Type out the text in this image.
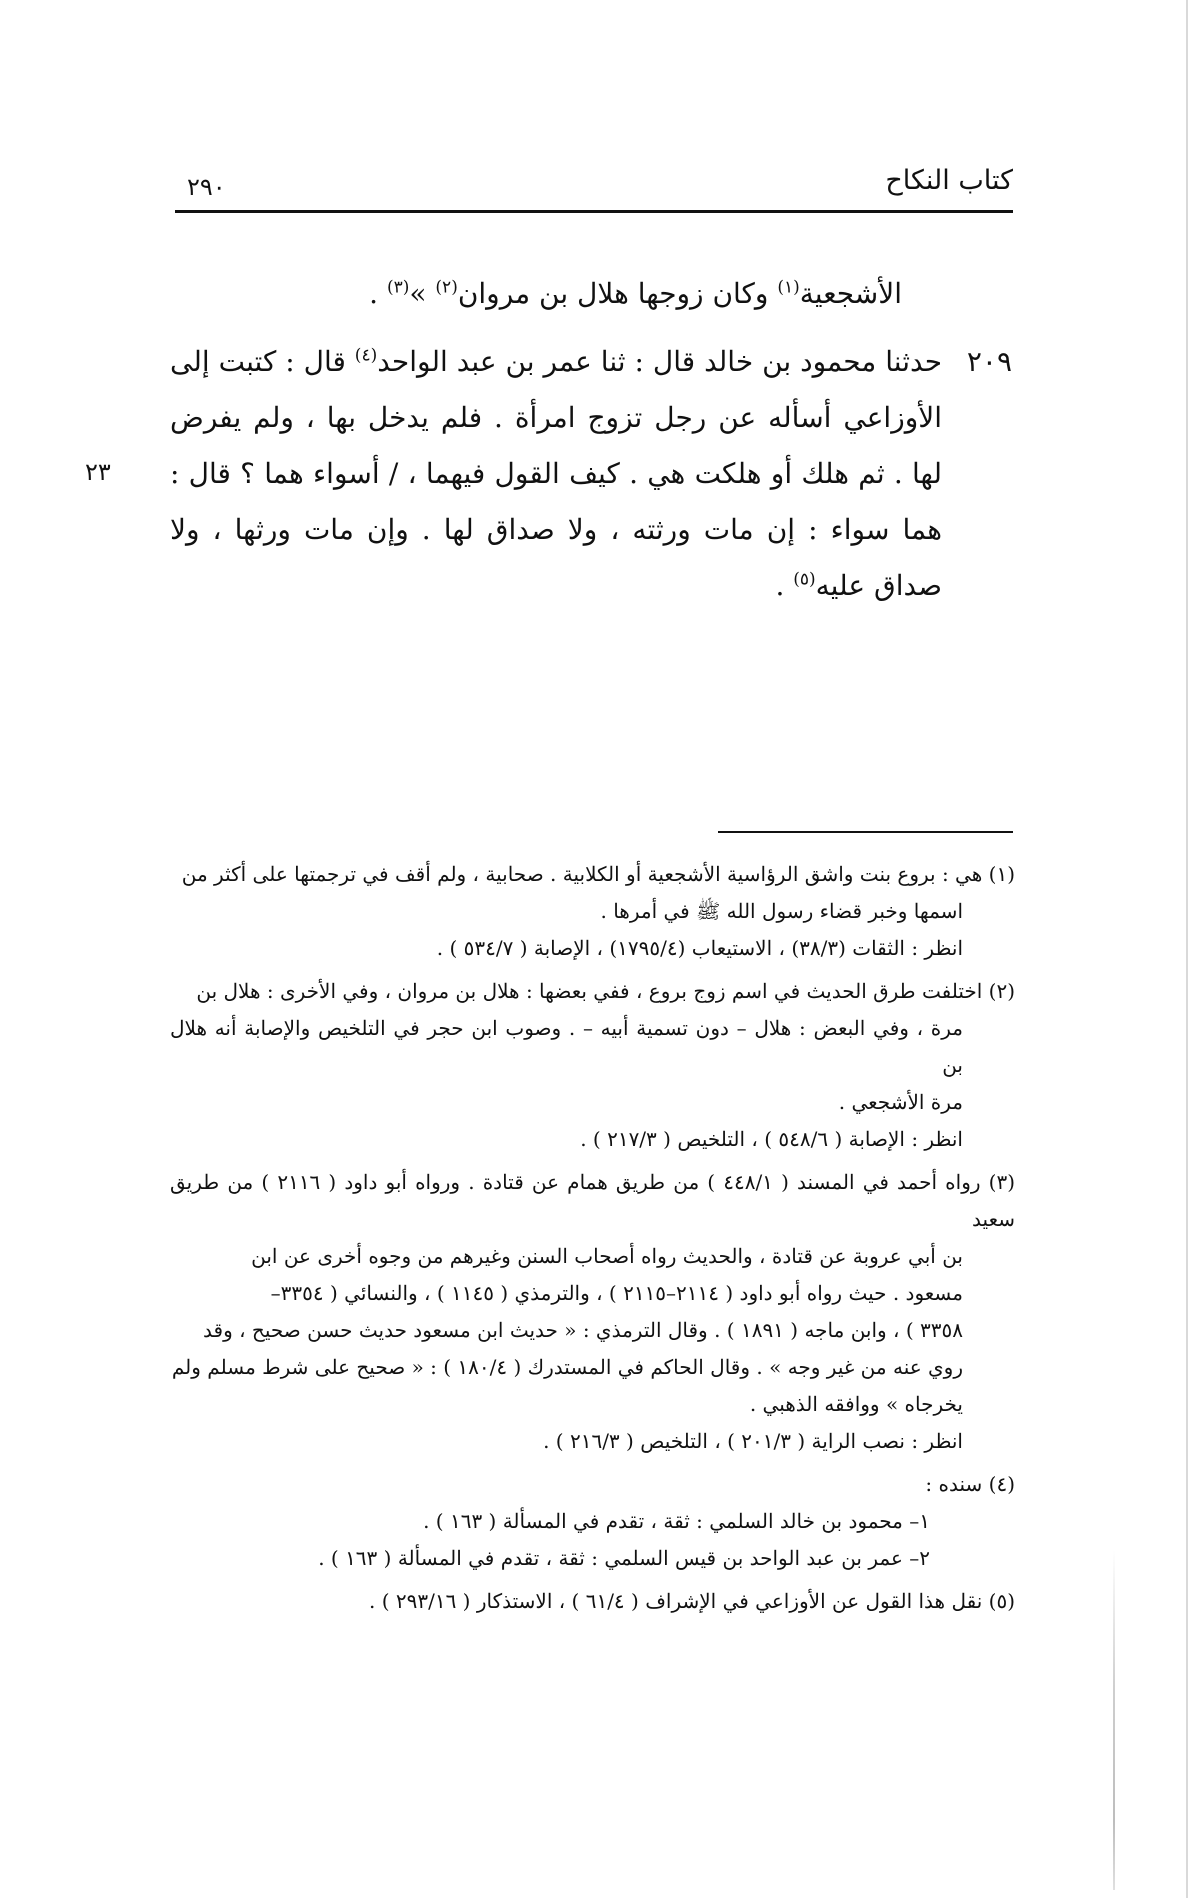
كتاب النكاح
٢٩٠

الأشجعية$^{(١)}$ وكان زوجها هلال بن مروان$^{(٢)}$ »$^{(٣)}$ .

٢٠٩
حدثنا محمود بن خالد قال : ثنا عمر بن عبد الواحد$^{(٤)}$ قال : كتبت إلى الأوزاعي أسأله عن رجل تزوج امرأة . فلم يدخل بها ، ولم يفرض لها . ثم هلك أو هلكت هي . كيف القول فيهما ، / أسواء هما ؟ قال : هما سواء : إن مات ورثته ، ولا صداق لها . وإن مات ورثها ، ولا صداق عليه$^{(٥)}$ .

٢٣
(١) هي : بروع بنت واشق الرؤاسية الأشجعية أو الكلابية . صحابية ، ولم أقف في ترجمتها على أكثر من
اسمها وخبر قضاء رسول الله ﷺ في أمرها .
انظر : الثقات (٣٨/٣) ، الاستيعاب (١٧٩٥/٤) ، الإصابة ( ٥٣٤/٧ ) .
(٢) اختلفت طرق الحديث في اسم زوج بروع ، ففي بعضها : هلال بن مروان ، وفي الأخرى : هلال بن
مرة ، وفي البعض : هلال – دون تسمية أبيه – . وصوب ابن حجر في التلخيص والإصابة أنه هلال بن
مرة الأشجعي .
انظر : الإصابة ( ٥٤٨/٦ ) ، التلخيص ( ٢١٧/٣ ) .
(٣) رواه أحمد في المسند ( ٤٤٨/١ ) من طريق همام عن قتادة . ورواه أبو داود ( ٢١١٦ ) من طريق سعيد
بن أبي عروبة عن قتادة ، والحديث رواه أصحاب السنن وغيرهم من وجوه أخرى عن ابن
مسعود . حيث رواه أبو داود ( ٢١١٤–٢١١٥ ) ، والترمذي ( ١١٤٥ ) ، والنسائي ( ٣٣٥٤–
٣٣٥٨ ) ، وابن ماجه ( ١٨٩١ ) . وقال الترمذي : « حديث ابن مسعود حديث حسن صحيح ، وقد
روي عنه من غير وجه » . وقال الحاكم في المستدرك ( ١٨٠/٤ ) : « صحيح على شرط مسلم ولم
يخرجاه » ووافقه الذهبي .
انظر : نصب الراية ( ٢٠١/٣ ) ، التلخيص ( ٢١٦/٣ ) .
(٤) سنده :
١– محمود بن خالد السلمي : ثقة ، تقدم في المسألة ( ١٦٣ ) .
٢– عمر بن عبد الواحد بن قيس السلمي : ثقة ، تقدم في المسألة ( ١٦٣ ) .
(٥) نقل هذا القول عن الأوزاعي في الإشراف ( ٦١/٤ ) ، الاستذكار ( ٢٩٣/١٦ ) .
